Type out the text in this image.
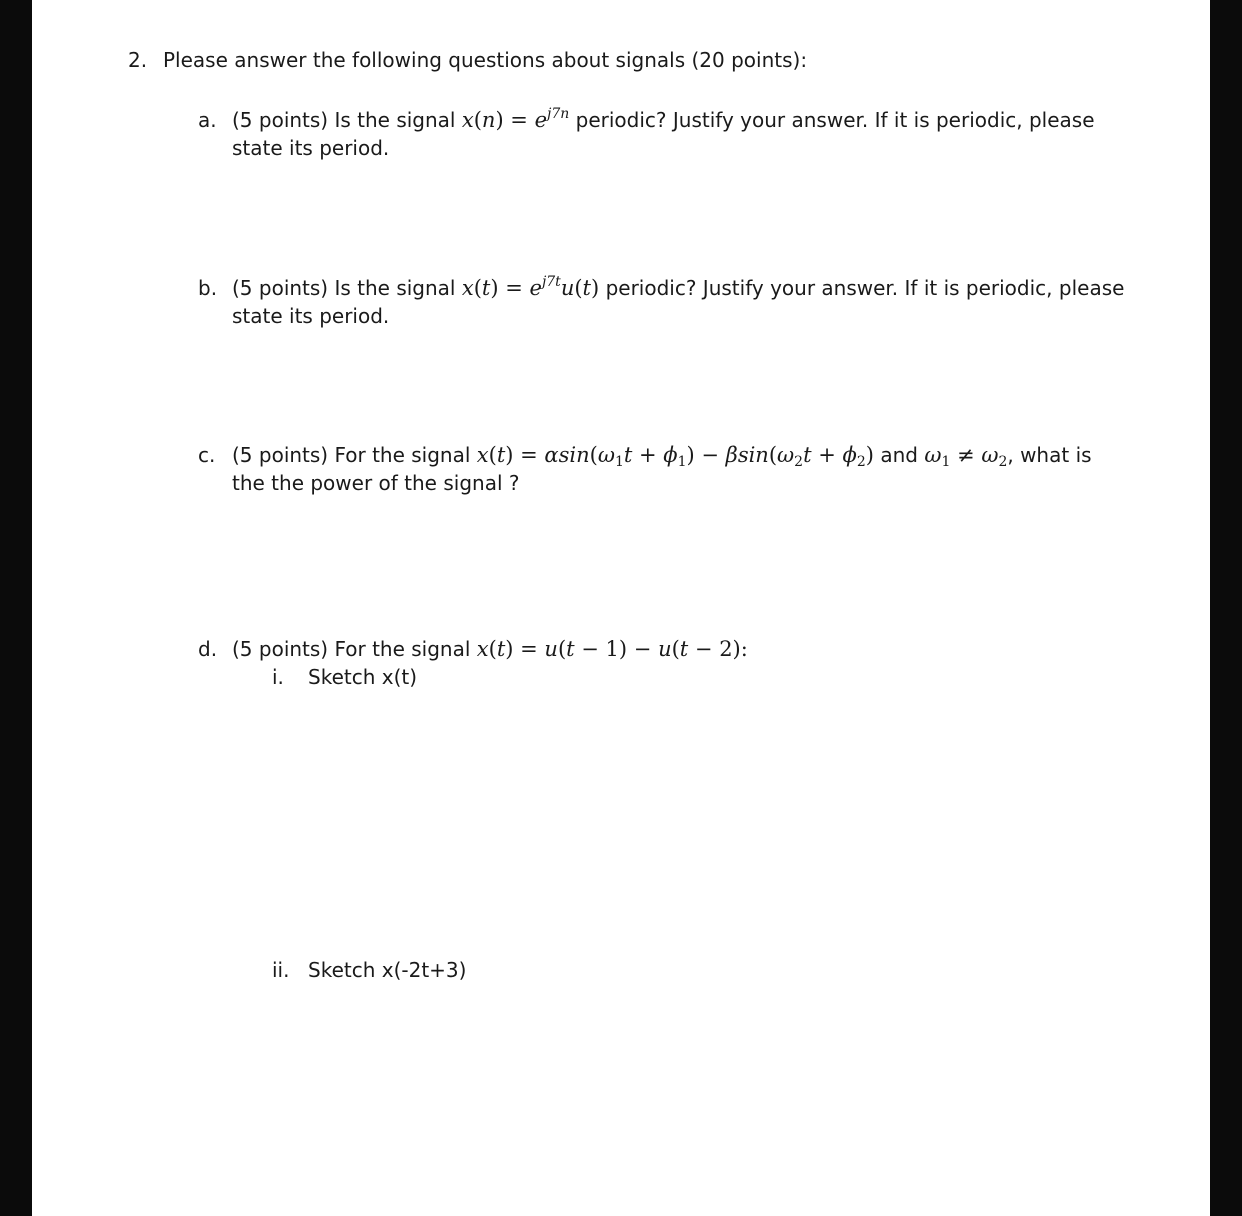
2. Please answer the following questions about signals (20 points):
a. (5 points) Is the signal $x(n) = e^{j7n}$ periodic? Justify your answer. If it is periodic, please
state its period.
b. (5 points) Is the signal $x(t) = e^{j7t}u(t)$ periodic? Justify your answer. If it is periodic, please
state its period.
c. (5 points) For the signal $x(t) = \alpha\sin(\omega_1t + \phi_1) - \beta\sin(\omega_2t + \phi_2)$ and $\omega_1 \ne \omega_2$, what is
the the power of the signal ?
d. (5 points) For the signal x(t) = u(t − 1) − u(t − 2):
i. Sketch x(t)
ii. Sketch x(-2t+3)
